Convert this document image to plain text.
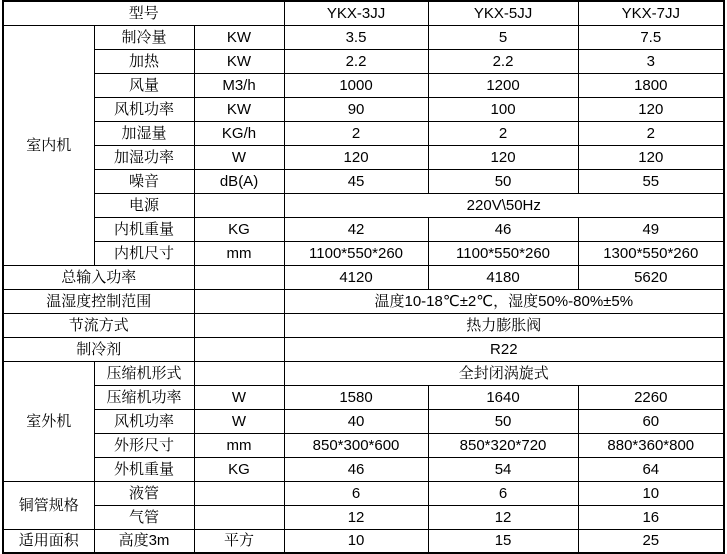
型号			YKX-3JJ	YKX-5JJ	YKX-7JJ
室内机	制冷量	KW	3.5	5	7.5
	加热	KW	2.2	2.2	3
	风量	M3/h	1000	1200	1800
	风机功率	KW	90	100	120
	加湿量	KG/h	2	2	2
	加湿功率	W	120	120	120
	噪音	dB(A)	45	50	55
	电源		220V\50Hz		
	内机重量	KG	42	46	49
	内机尺寸	mm	1100*550*260	1100*550*260	1300*550*260
总输入功率			4120	4180	5620
温湿度控制范围			温度10-18℃±2℃，湿度50%-80%±5%		
节流方式			热力膨胀阀		
制冷剂			R22		
室外机	压缩机形式		全封闭涡旋式		
	压缩机功率	W	1580	1640	2260
	风机功率	W	40	50	60
	外形尺寸	mm	850*300*600	850*320*720	880*360*800
	外机重量	KG	46	54	64
铜管规格	液管		6	6	10
	气管		12	12	16
适用面积	高度3m	平方	10	15	25
